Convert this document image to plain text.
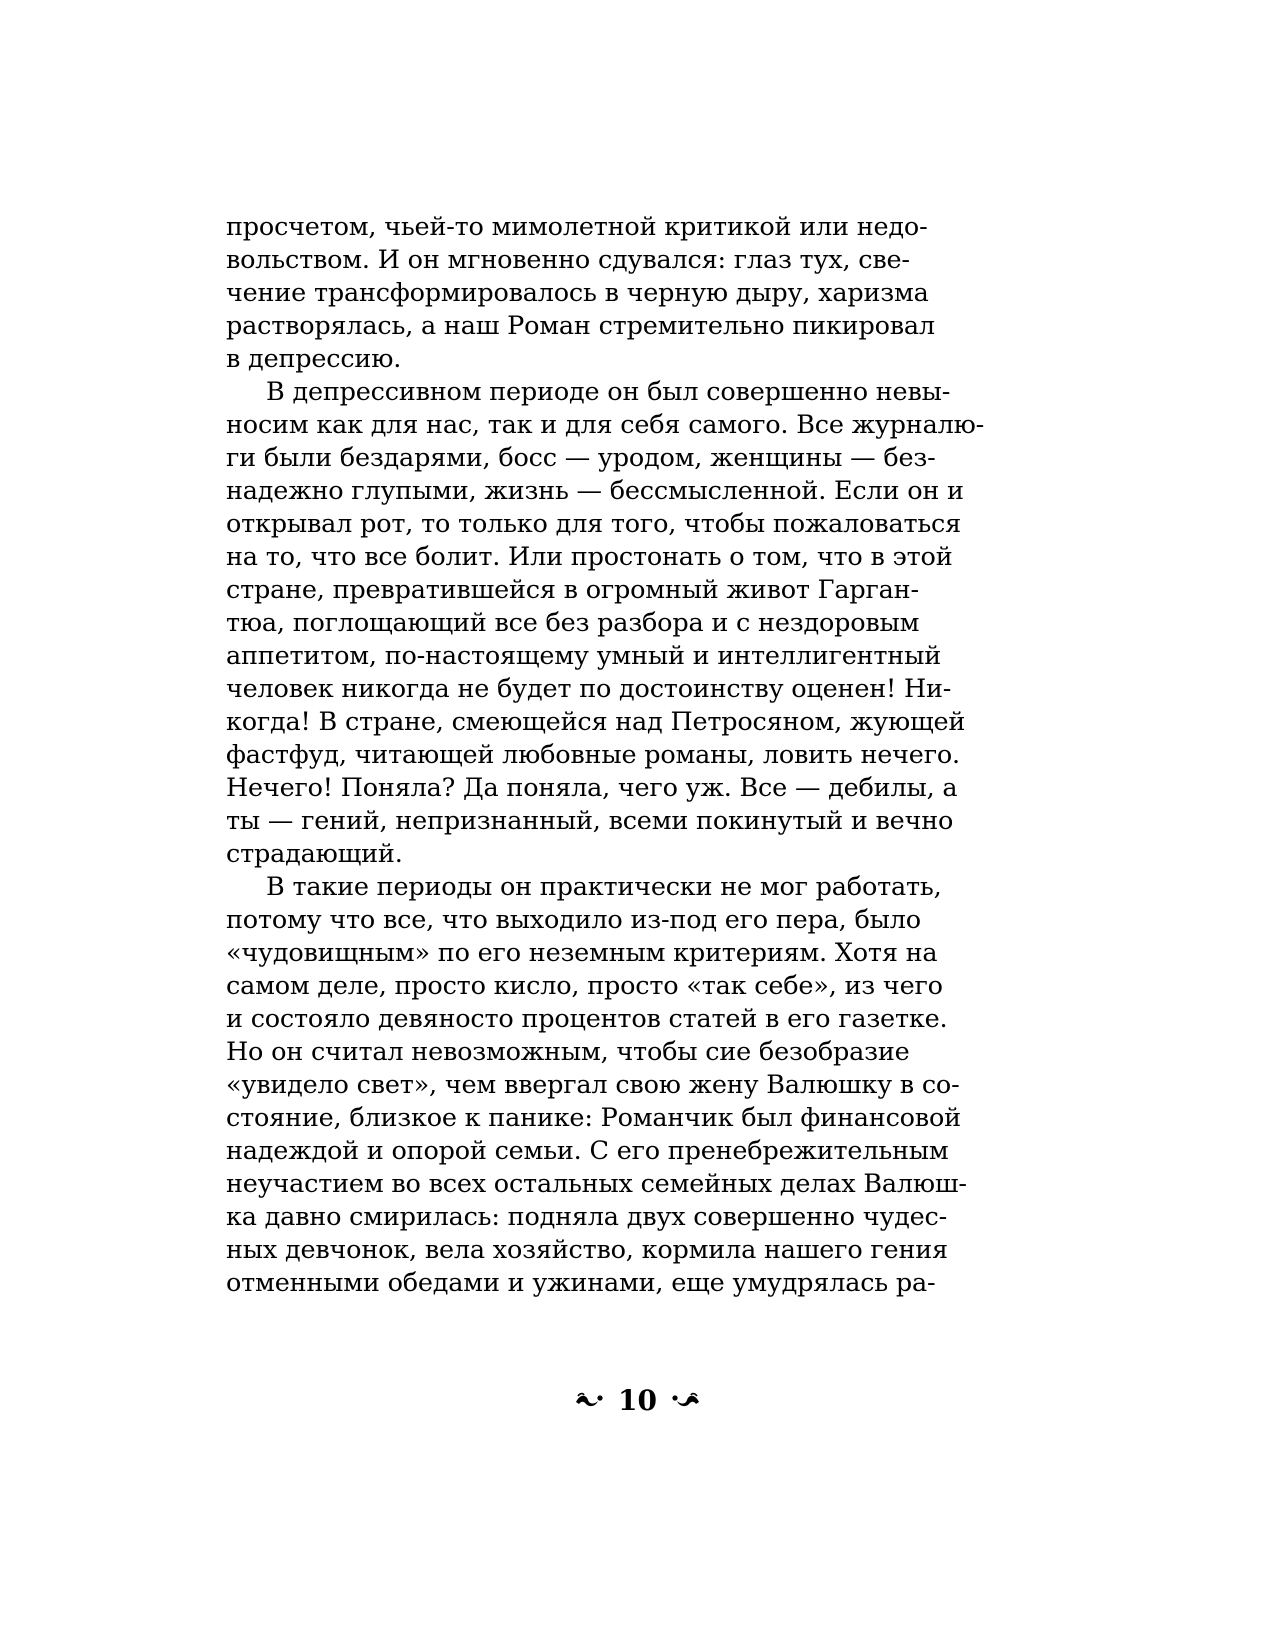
просчетом, чьей-то мимолетной критикой или недо-
вольством. И он мгновенно сдувался: глаз тух, све-
чение трансформировалось в черную дыру, харизма
растворялась, а наш Роман стремительно пикировал
в депрессию.
В депрессивном периоде он был совершенно невы-
носим как для нас, так и для себя самого. Все журналю-
ги были бездарями, босс — уродом, женщины — без-
надежно глупыми, жизнь — бессмысленной. Если он и
открывал рот, то только для того, чтобы пожаловаться
на то, что все болит. Или простонать о том, что в этой
стране, превратившейся в огромный живот Гарган-
тюа, поглощающий все без разбора и с нездоровым
аппетитом, по-настоящему умный и интеллигентный
человек никогда не будет по достоинству оценен! Ни-
когда! В стране, смеющейся над Петросяном, жующей
фастфуд, читающей любовные романы, ловить нечего.
Нечего! Поняла? Да поняла, чего уж. Все — дебилы, а
ты — гений, непризнанный, всеми покинутый и вечно
страдающий.
В такие периоды он практически не мог работать,
потому что все, что выходило из-под его пера, было
«чудовищным» по его неземным критериям. Хотя на
самом деле, просто кисло, просто «так себе», из чего
и состояло девяносто процентов статей в его газетке.
Но он считал невозможным, чтобы сие безобразие
«увидело свет», чем ввергал свою жену Валюшку в со-
стояние, близкое к панике: Романчик был финансовой
надеждой и опорой семьи. С его пренебрежительным
неучастием во всех остальных семейных делах Валюш-
ка давно смирилась: подняла двух совершенно чудес-
ных девчонок, вела хозяйство, кормила нашего гения
отменными обедами и ужинами, еще умудрялась ра-
10
